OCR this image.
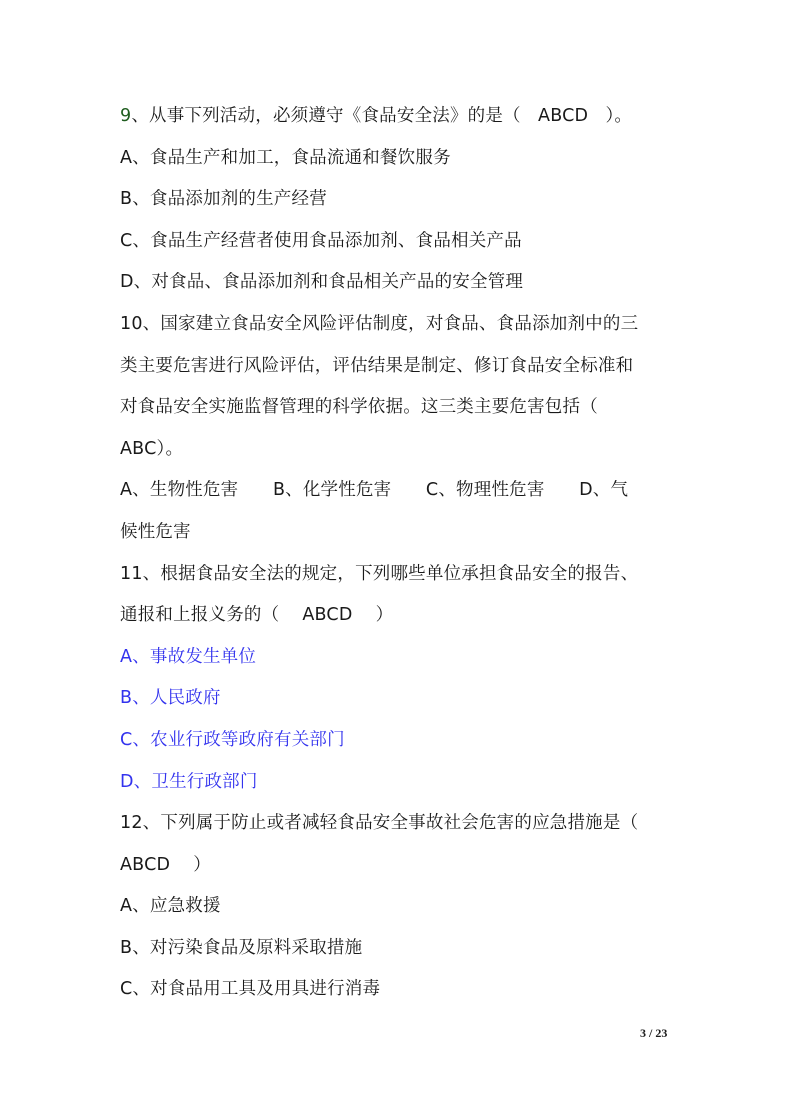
9、从事下列活动，必须遵守《食品安全法》的是（   ABCD   ）。
A、食品生产和加工，食品流通和餐饮服务
B、食品添加剂的生产经营
C、食品生产经营者使用食品添加剂、食品相关产品
D、对食品、食品添加剂和食品相关产品的安全管理
10、国家建立食品安全风险评估制度，对食品、食品添加剂中的三
类主要危害进行风险评估，评估结果是制定、修订食品安全标准和
对食品安全实施监督管理的科学依据。这三类主要危害包括（
ABC）。
A、生物性危害      B、化学性危害      C、物理性危害      D、气
候性危害
11、根据食品安全法的规定，下列哪些单位承担食品安全的报告、
通报和上报义务的（    ABCD    ）
A、事故发生单位
B、人民政府
C、农业行政等政府有关部门
D、卫生行政部门
12、下列属于防止或者减轻食品安全事故社会危害的应急措施是（
ABCD    ）
A、应急救援
B、对污染食品及原料采取措施
C、对食品用工具及用具进行消毒
3 / 23
